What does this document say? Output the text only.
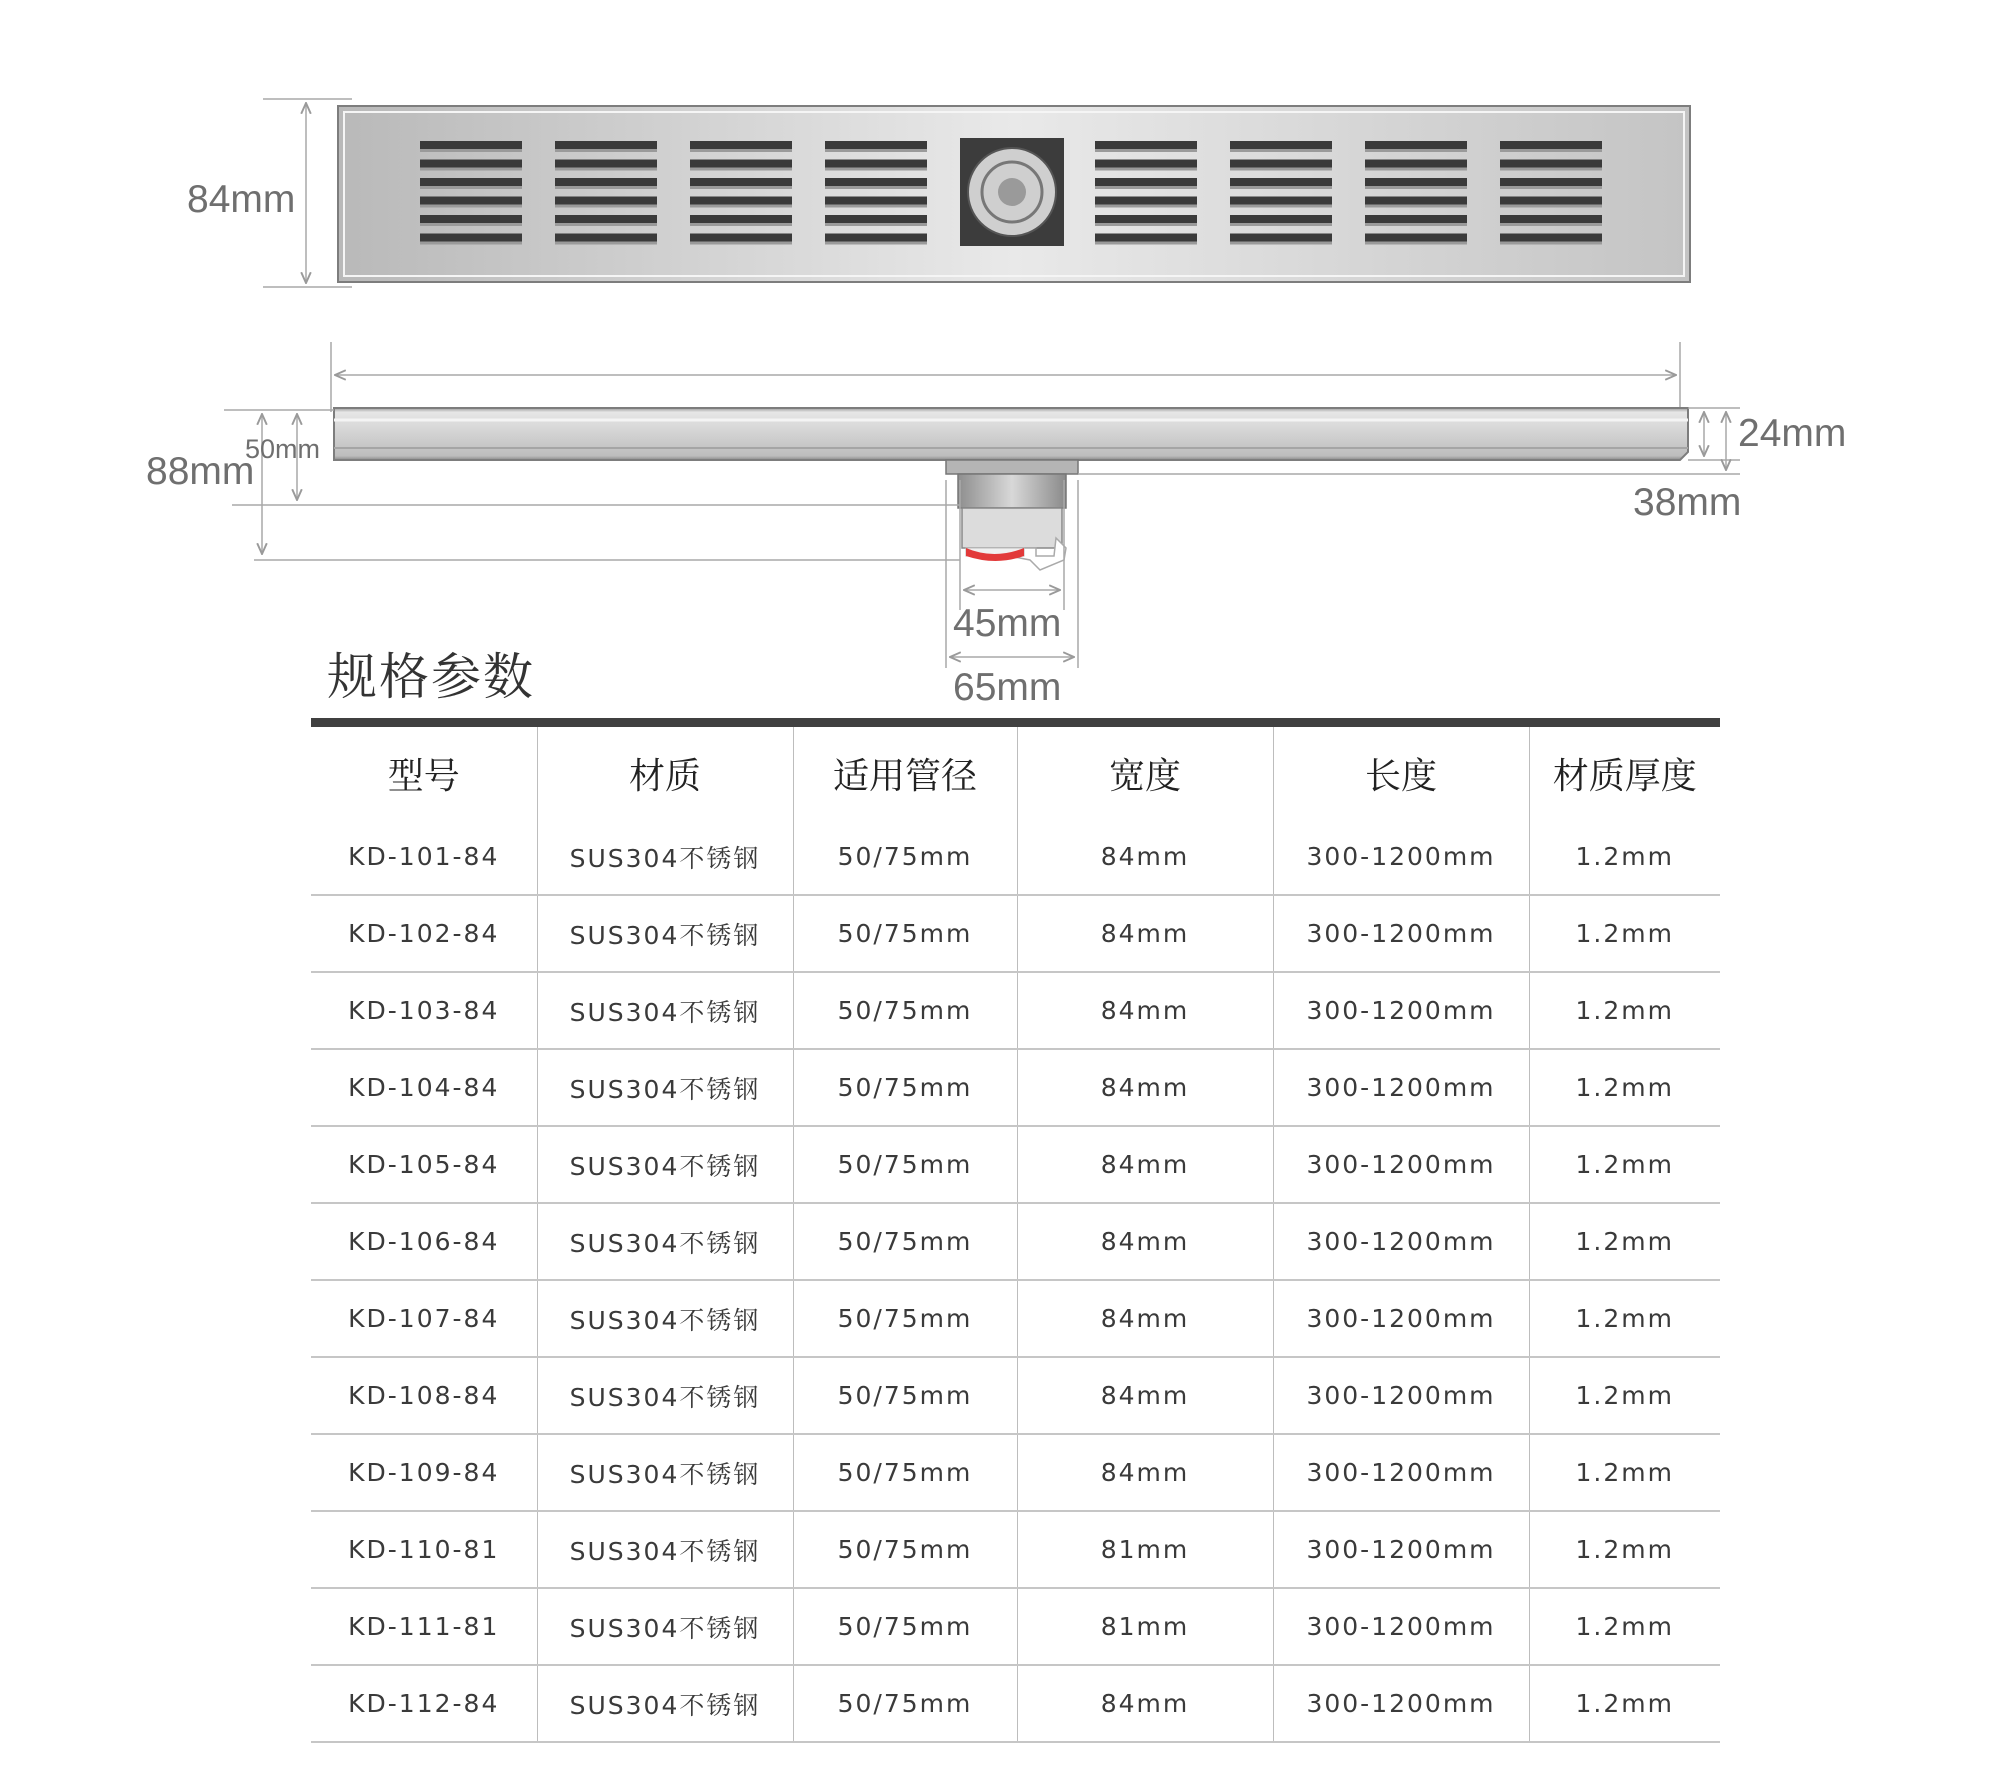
84mm
88mm
50mm	24mm
38mm
45mm
65mm
规格参数
型号	材质	适用管径	宽度	长度	材质厚度
KD-101-84	SUS304不锈钢	50/75mm	84mm	300-1200mm	1.2mm
KD-102-84	SUS304不锈钢	50/75mm	84mm	300-1200mm	1.2mm
KD-103-84	SUS304不锈钢	50/75mm	84mm	300-1200mm	1.2mm
KD-104-84	SUS304不锈钢	50/75mm	84mm	300-1200mm	1.2mm
KD-105-84	SUS304不锈钢	50/75mm	84mm	300-1200mm	1.2mm
KD-106-84	SUS304不锈钢	50/75mm	84mm	300-1200mm	1.2mm
KD-107-84	SUS304不锈钢	50/75mm	84mm	300-1200mm	1.2mm
KD-108-84	SUS304不锈钢	50/75mm	84mm	300-1200mm	1.2mm
KD-109-84	SUS304不锈钢	50/75mm	84mm	300-1200mm	1.2mm
KD-110-81	SUS304不锈钢	50/75mm	81mm	300-1200mm	1.2mm
KD-111-81	SUS304不锈钢	50/75mm	81mm	300-1200mm	1.2mm
KD-112-84	SUS304不锈钢	50/75mm	84mm	300-1200mm	1.2mm
